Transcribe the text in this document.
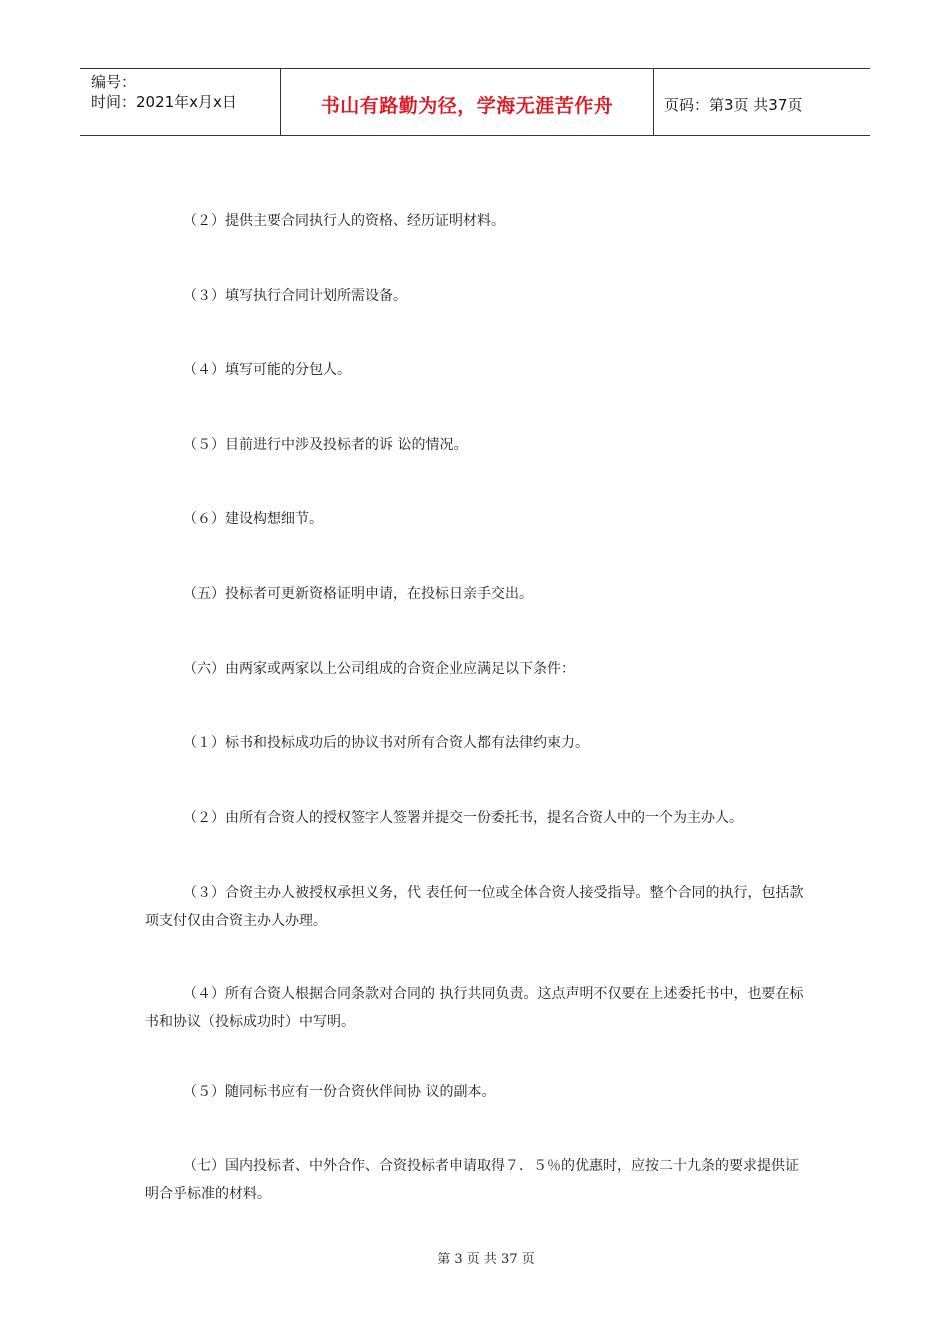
编号：
时间：2021年x月x日	书山有路勤为径，学海无涯苦作舟	页码：第3页 共37页
（２）提供主要合同执行人的资格、经历证明材料。
（３）填写执行合同计划所需设备。
（４）填写可能的分包人。
（５）目前进行中涉及投标者的诉 讼的情况。
（６）建设构想细节。
（五）投标者可更新资格证明申请，在投标日亲手交出。
（六）由两家或两家以上公司组成的合资企业应满足以下条件：
（１）标书和投标成功后的协议书对所有合资人都有法律约束力。
（２）由所有合资人的授权签字人签署并提交一份委托书，提名合资人中的一个为主办人。
（３）合资主办人被授权承担义务，代 表任何一位或全体合资人接受指导。整个合同的执行，包括款项支付仅由合资主办人办理。
（４）所有合资人根据合同条款对合同的 执行共同负责。这点声明不仅要在上述委托书中，也要在标书和协议（投标成功时）中写明。
（５）随同标书应有一份合资伙伴间协 议的副本。
（七）国内投标者、中外合作、合资投标者申请取得７．５％的优惠时，应按二十九条的要求提供证明合乎标准的材料。
第 3 页 共 37 页
